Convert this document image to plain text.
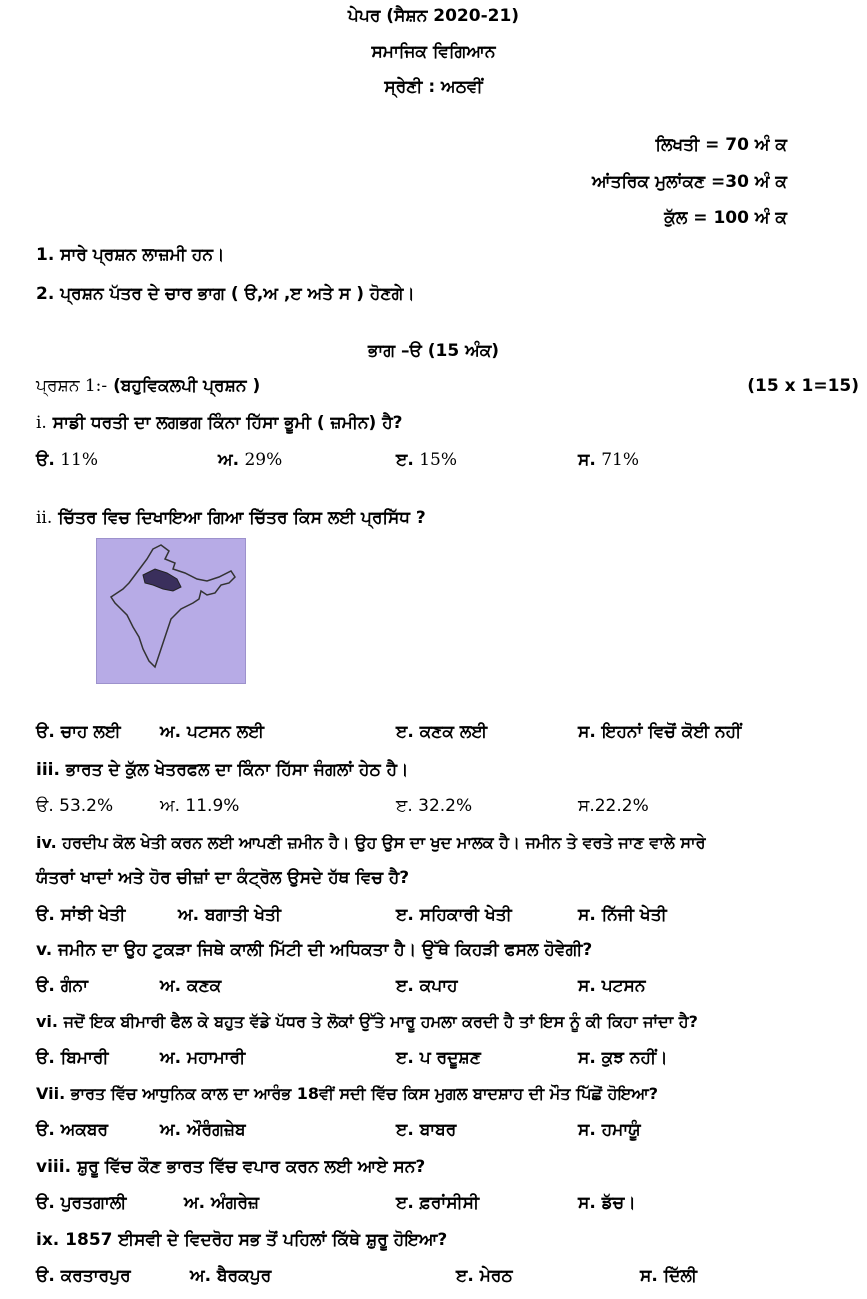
ਪੇਪਰ (ਸੈਸ਼ਨ 2020-21)
ਸਮਾਜਿਕ ਵਿਗਿਆਨ
ਸ੍ਰੇਣੀ : ਅਠਵੀਂ
ਲਿਖਤੀ = 70 ਅੰ ਕ
ਆਂਤਰਿਕ ਮੁਲਾਂਕਣ =30 ਅੰ ਕ
ਕੁੱਲ = 100 ਅੰ ਕ
1. ਸਾਰੇ ਪ੍ਰਸ਼ਨ ਲਾਜ਼ਮੀ ਹਨ।
2. ਪ੍ਰਸ਼ਨ ਪੱਤਰ ਦੇ ਚਾਰ ਭਾਗ ( ੳ,ਅ ,ੲ ਅਤੇ ਸ ) ਹੋਣਗੇ।
ਭਾਗ –ੳ (15 ਅੰਕ)
ਪ੍ਰਸ਼ਨ 1:- (ਬਹੁਵਿਕਲਪੀ ਪ੍ਰਸ਼ਨ )	(15 x 1=15)
i. ਸਾਡੀ ਧਰਤੀ ਦਾ ਲਗਭਗ ਕਿੰਨਾ ਹਿੱਸਾ ਭੂਮੀ ( ਜ਼ਮੀਨ) ਹੈ?
ੳ. 11%	ਅ. 29%	ੲ. 15%	ਸ. 71%
ii. ਚਿੱਤਰ ਵਿਚ ਦਿਖਾਇਆ ਗਿਆ ਚਿੱਤਰ ਕਿਸ ਲਈ ਪ੍ਰਸਿੱਧ ?
ੳ. ਚਾਹ ਲਈ ਅ. ਪਟਸਨ ਲਈ	ੲ. ਕਣਕ ਲਈ	ਸ. ਇਹਨਾਂ ਵਿਚੋਂ ਕੋਈ ਨਹੀਂ
iii. ਭਾਰਤ ਦੇ ਕੁੱਲ ਖੇਤਰਫਲ ਦਾ ਕਿੰਨਾ ਹਿੱਸਾ ਜੰਗਲਾਂ ਹੇਠ ਹੈ।
ੳ. 53.2%	ਅ. 11.9%	ੲ. 32.2%	ਸ.22.2%
iv. ਹਰਦੀਪ ਕੋਲ ਖੇਤੀ ਕਰਨ ਲਈ ਆਪਣੀ ਜ਼ਮੀਨ ਹੈ। ਉਹ ਉਸ ਦਾ ਖੁਦ ਮਾਲਕ ਹੈ। ਜਮੀਨ ਤੇ ਵਰਤੇ ਜਾਣ ਵਾਲੇ ਸਾਰੇ
ਯੰਤਰਾਂ ਖਾਦਾਂ ਅਤੇ ਹੋਰ ਚੀਜ਼ਾਂ ਦਾ ਕੰਟ੍ਰੋਲ ਉਸਦੇ ਹੱਥ ਵਿਚ ਹੈ?
ੳ. ਸਾਂਝੀ ਖੇਤੀ	ਅ. ਬਗਾਤੀ ਖੇਤੀ	ੲ. ਸਹਿਕਾਰੀ ਖੇਤੀ	ਸ. ਨਿੱਜੀ ਖੇਤੀ
v. ਜਮੀਨ ਦਾ ਉਹ ਟੁਕੜਾ ਜਿਥੇ ਕਾਲੀ ਮਿੱਟੀ ਦੀ ਅਧਿਕਤਾ ਹੈ। ਉੱਥੇ ਕਿਹੜੀ ਫਸਲ ਹੋਵੇਗੀ?
ੳ. ਗੰਨਾ	ਅ. ਕਣਕ	ੲ. ਕਪਾਹ	ਸ. ਪਟਸਨ
vi. ਜਦੋਂ ਇਕ ਬੀਮਾਰੀ ਫੈਲ ਕੇ ਬਹੁਤ ਵੱਡੇ ਪੱਧਰ ਤੇ ਲੋਕਾਂ ਉੱਤੇ ਮਾਰੂ ਹਮਲਾ ਕਰਦੀ ਹੈ ਤਾਂ ਇਸ ਨੂੰ ਕੀ ਕਿਹਾ ਜਾਂਦਾ ਹੈ?
ੳ. ਬਿਮਾਰੀ	ਅ. ਮਹਾਮਾਰੀ	ੲ. ਪ ਰਦੂਸ਼ਣ	ਸ. ਕੁਝ ਨਹੀਂ।
Vii. ਭਾਰਤ ਵਿੱਚ ਆਧੁਨਿਕ ਕਾਲ ਦਾ ਆਰੰਭ 18ਵੀਂ ਸਦੀ ਵਿੱਚ ਕਿਸ ਮੁਗਲ ਬਾਦਸ਼ਾਹ ਦੀ ਮੌਤ ਪਿੱਛੋਂ ਹੋਇਆ?
ੳ. ਅਕਬਰ	ਅ. ਔਰੰਗਜ਼ੇਬ	ੲ. ਬਾਬਰ	ਸ. ਹਮਾਯੂੰ
viii. ਸ਼ੁਰੂ ਵਿੱਚ ਕੌਣ ਭਾਰਤ ਵਿੱਚ ਵਪਾਰ ਕਰਨ ਲਈ ਆਏ ਸਨ?
ੳ. ਪੁਰਤਗਾਲੀ	ਅ. ਅੰਗਰੇਜ਼	ੲ. ਫ਼ਰਾਂਸੀਸੀ	ਸ. ਡੱਚ।
ix. 1857 ਈਸਵੀ ਦੇ ਵਿਦਰੋਹ ਸਭ ਤੋਂ ਪਹਿਲਾਂ ਕਿੱਥੇ ਸ਼ੁਰੂ ਹੋਇਆ?
ੳ. ਕਰਤਾਰਪੁਰ	ਅ. ਬੈਰਕਪੁਰ	ੲ. ਮੇਰਠ	ਸ. ਦਿੱਲੀ
